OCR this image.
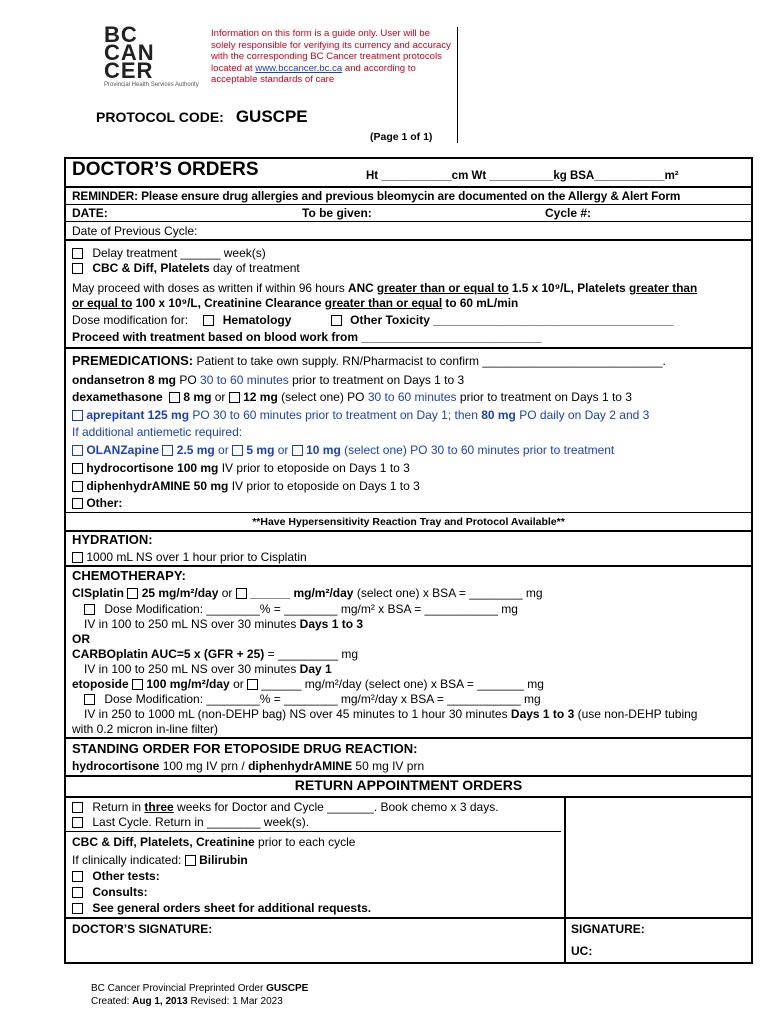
BC
CAN
CER
Provincial Health Services Authority
Information on this form is a guide only. User will be solely responsible for verifying its currency and accuracy with the corresponding BC Cancer treatment protocols located at www.bccancer.bc.ca and according to acceptable standards of care
PROTOCOL CODE: GUSCPE
(Page 1 of 1)
DOCTOR’S ORDERS	Ht ___________cm Wt __________kg BSA___________m²
REMINDER: Please ensure drug allergies and previous bleomycin are documented on the Allergy & Alert Form
DATE:	To be given:	Cycle #:
Date of Previous Cycle:
Delay treatment ______ week(s)
CBC & Diff, Platelets day of treatment
May proceed with doses as written if within 96 hours ANC greater than or equal to 1.5 x 10⁹/L, Platelets greater than
or equal to 100 x 10⁹/L, Creatinine Clearance greater than or equal to 60 mL/min
Dose modification for:	Hematology	Other Toxicity ____________________________________
Proceed with treatment based on blood work from ___________________________
PREMEDICATIONS: Patient to take own supply. RN/Pharmacist to confirm ___________________________.
ondansetron 8 mg PO 30 to 60 minutes prior to treatment on Days 1 to 3
dexamethasone 8 mg or  12 mg (select one) PO 30 to 60 minutes prior to treatment on Days 1 to 3
aprepitant 125 mg PO 30 to 60 minutes prior to treatment on Day 1; then 80 mg PO daily on Day 2 and 3
If additional antiemetic required:
OLANZapine 2.5 mg or  5 mg or  10 mg (select one) PO 30 to 60 minutes prior to treatment
hydrocortisone 100 mg IV prior to etoposide on Days 1 to 3
diphenhydrAMINE 50 mg IV prior to etoposide on Days 1 to 3
Other:
**Have Hypersensitivity Reaction Tray and Protocol Available**
HYDRATION:
1000 mL NS over 1 hour prior to Cisplatin
CHEMOTHERAPY:
CISplatin 25 mg/m²/day or  ______ mg/m²/day (select one) x BSA = ________ mg
Dose Modification: ________% = ________ mg/m² x BSA = ___________ mg
IV in 100 to 250 mL NS over 30 minutes Days 1 to 3
OR
CARBOplatin AUC=5 x (GFR + 25) = _________ mg
IV in 100 to 250 mL NS over 30 minutes Day 1
etoposide 100 mg/m²/day or  ______ mg/m²/day (select one) x BSA = _______ mg
Dose Modification: ________% = ________ mg/m²/day x BSA = ___________ mg
IV in 250 to 1000 mL (non-DEHP bag) NS over 45 minutes to 1 hour 30 minutes Days 1 to 3 (use non-DEHP tubing
with 0.2 micron in-line filter)
STANDING ORDER FOR ETOPOSIDE DRUG REACTION:
hydrocortisone 100 mg IV prn / diphenhydrAMINE 50 mg IV prn
RETURN APPOINTMENT ORDERS
Return in three weeks for Doctor and Cycle _______. Book chemo x 3 days.
Last Cycle. Return in ________ week(s).
CBC & Diff, Platelets, Creatinine prior to each cycle
If clinically indicated: Bilirubin
Other tests:
Consults:
See general orders sheet for additional requests.
DOCTOR’S SIGNATURE:	SIGNATURE:
UC:
BC Cancer Provincial Preprinted Order GUSCPE
Created: Aug 1, 2013 Revised: 1 Mar 2023
